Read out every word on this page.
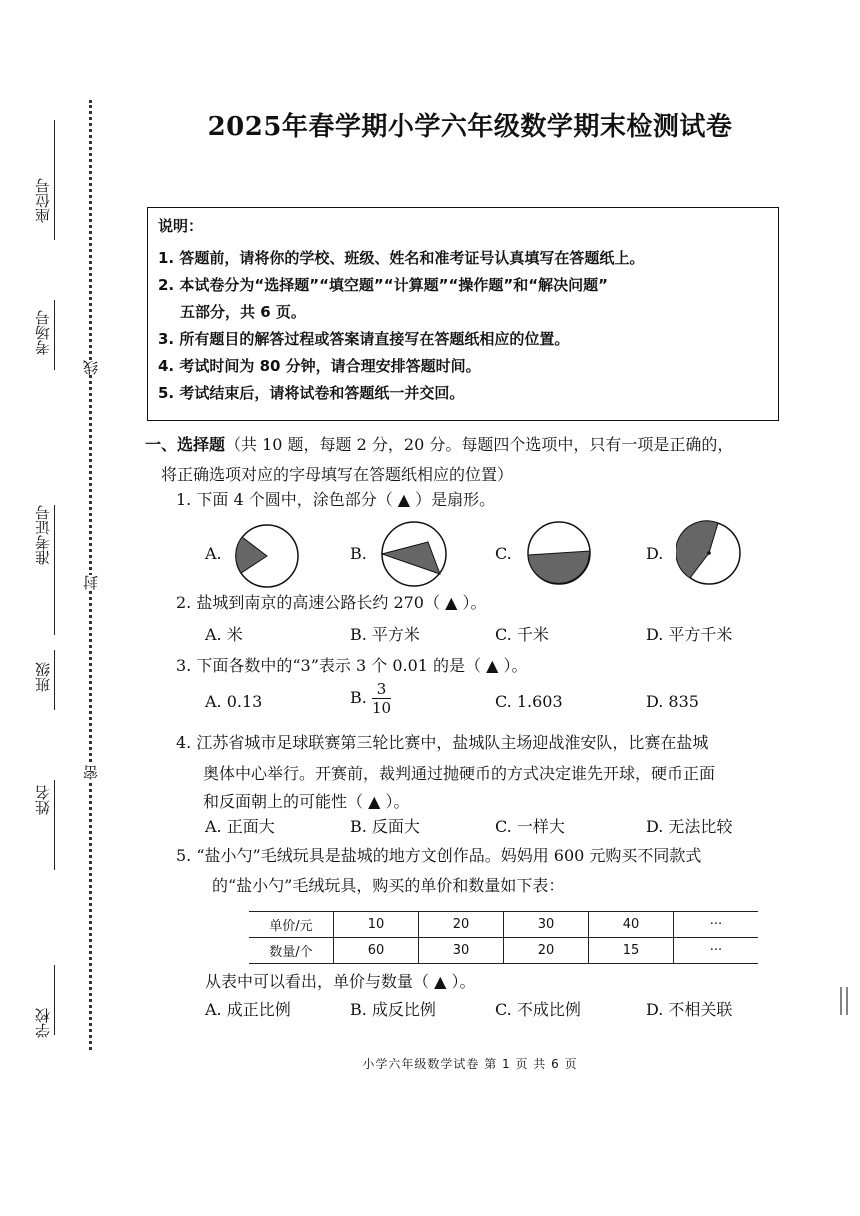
座位号
考场号
准考证号
班级
姓名
学校
线
封
密
2025年春学期小学六年级数学期末检测试卷
说明：
1. 答题前，请将你的学校、班级、姓名和准考证号认真填写在答题纸上。
2. 本试卷分为“选择题”“填空题”“计算题”“操作题”和“解决问题”
五部分，共 6 页。
3. 所有题目的解答过程或答案请直接写在答题纸相应的位置。
4. 考试时间为 80 分钟，请合理安排答题时间。
5. 考试结束后，请将试卷和答题纸一并交回。
一、选择题（共 10 题，每题 2 分，20 分。每题四个选项中，只有一项是正确的，
将正确选项对应的字母填写在答题纸相应的位置）
1. 下面 4 个圆中，涂色部分（ ▲ ）是扇形。
A.	B.	C.	D.
2. 盐城到南京的高速公路长约 270（ ▲ ）。
A. 米	B. 平方米	C. 千米	D. 平方千米
3. 下面各数中的“3”表示 3 个 0.01 的是（ ▲ ）。
A. 0.13	B. $\frac{3}{10}$	C. 1.603	D. 835
4. 江苏省城市足球联赛第三轮比赛中，盐城队主场迎战淮安队，比赛在盐城
奥体中心举行。开赛前，裁判通过抛硬币的方式决定谁先开球，硬币正面
和反面朝上的可能性（ ▲ ）。
A. 正面大	B. 反面大	C. 一样大	D. 无法比较
5. “盐小勺”毛绒玩具是盐城的地方文创作品。妈妈用 600 元购买不同款式
的“盐小勺”毛绒玩具，购买的单价和数量如下表：
单价/元	10	20	30	40	···
数量/个	60	30	20	15	···
从表中可以看出，单价与数量（ ▲ ）。
A. 成正比例	B. 成反比例	C. 不成比例	D. 不相关联
小学六年级数学试卷 第 1 页 共 6 页
